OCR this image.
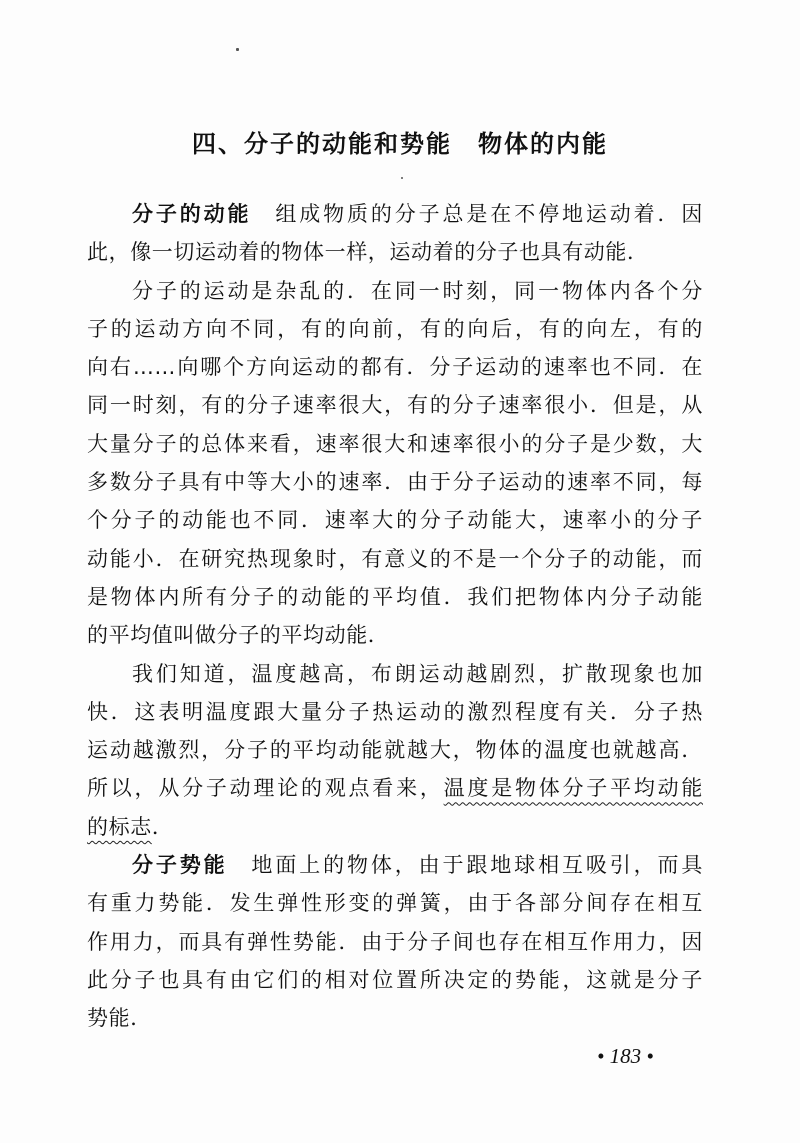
四、分子的动能和势能　物体的内能
分子的动能　组成物质的分子总是在不停地运动着．因
此，像一切运动着的物体一样，运动着的分子也具有动能．
分子的运动是杂乱的．在同一时刻，同一物体内各个分
子的运动方向不同，有的向前，有的向后，有的向左，有的
向右……向哪个方向运动的都有．分子运动的速率也不同．在
同一时刻，有的分子速率很大，有的分子速率很小．但是，从
大量分子的总体来看，速率很大和速率很小的分子是少数，大
多数分子具有中等大小的速率．由于分子运动的速率不同，每
个分子的动能也不同．速率大的分子动能大，速率小的分子
动能小．在研究热现象时，有意义的不是一个分子的动能，而
是物体内所有分子的动能的平均值．我们把物体内分子动能
的平均值叫做分子的平均动能．
我们知道，温度越高，布朗运动越剧烈，扩散现象也加
快．这表明温度跟大量分子热运动的激烈程度有关．分子热
运动越激烈，分子的平均动能就越大，物体的温度也就越高．
所以，从分子动理论的观点看来，温度是物体分子平均动能
的标志．
分子势能　地面上的物体，由于跟地球相互吸引，而具
有重力势能．发生弹性形变的弹簧，由于各部分间存在相互
作用力，而具有弹性势能．由于分子间也存在相互作用力，因
此分子也具有由它们的相对位置所决定的势能，这就是分子
势能．
• 183 •
